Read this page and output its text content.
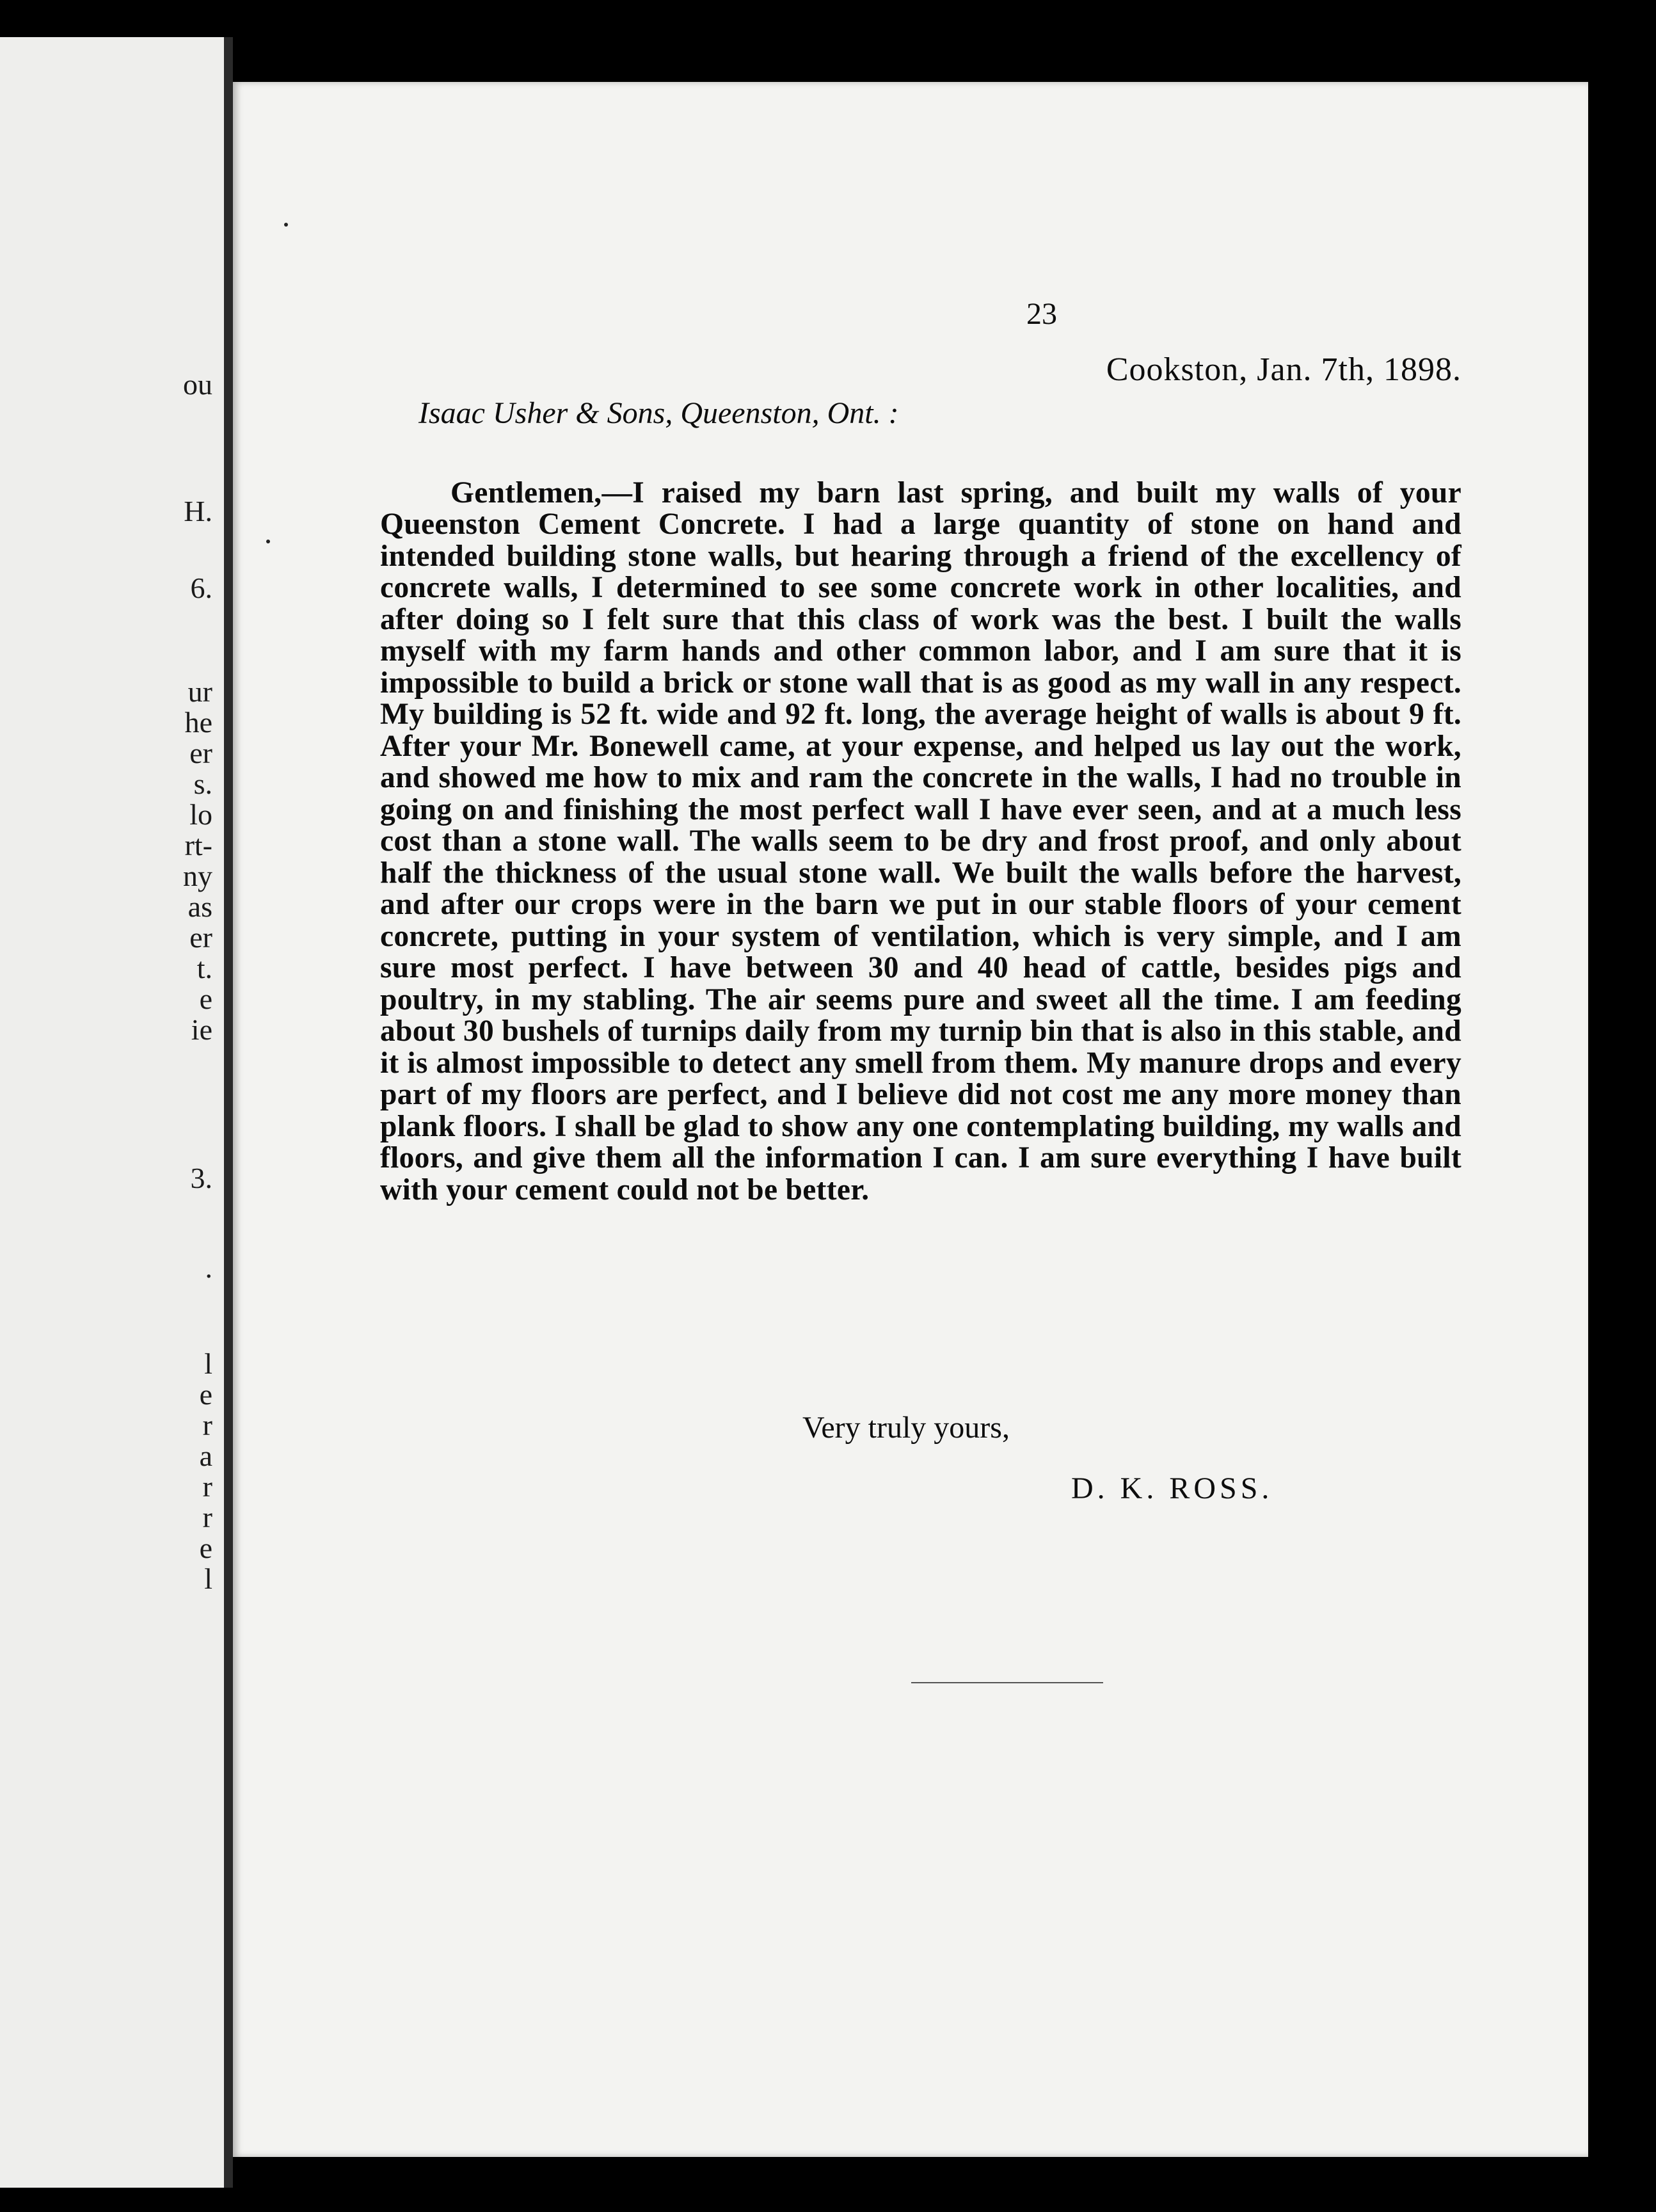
ou
H.
6.
ur
he
er
s.
lo
rt-
ny
as
er
t.
e
ie
3.
.
l
e
r
a
r
r
e
l
23
Cookston, Jan. 7th, 1898.
Isaac Usher & Sons, Queenston, Ont. :

Gentlemen,—I raised my barn last spring, and built my walls of your Queenston Cement Concrete. I had a large quantity of stone on hand and intended building stone walls, but hearing through a friend of the excellency of concrete walls, I determined to see some concrete work in other localities, and after doing so I felt sure that this class of work was the best. I built the walls myself with my farm hands and other common labor, and I am sure that it is impossible to build a brick or stone wall that is as good as my wall in any respect. My building is 52 ft. wide and 92 ft. long, the average height of walls is about 9 ft. After your Mr. Bonewell came, at your expense, and helped us lay out the work, and showed me how to mix and ram the concrete in the walls, I had no trouble in going on and finishing the most perfect wall I have ever seen, and at a much less cost than a stone wall. The walls seem to be dry and frost proof, and only about half the thickness of the usual stone wall. We built the walls before the harvest, and after our crops were in the barn we put in our stable floors of your cement concrete, putting in your system of ventilation, which is very simple, and I am sure most perfect. I have between 30 and 40 head of cattle, besides pigs and poultry, in my stabling. The air seems pure and sweet all the time. I am feeding about 30 bushels of turnips daily from my turnip bin that is also in this stable, and it is almost impossible to detect any smell from them. My manure drops and every part of my floors are perfect, and I believe did not cost me any more money than plank floors. I shall be glad to show any one contemplating building, my walls and floors, and give them all the information I can. I am sure everything I have built with your cement could not be better.

Very truly yours,
D. K. ROSS.
